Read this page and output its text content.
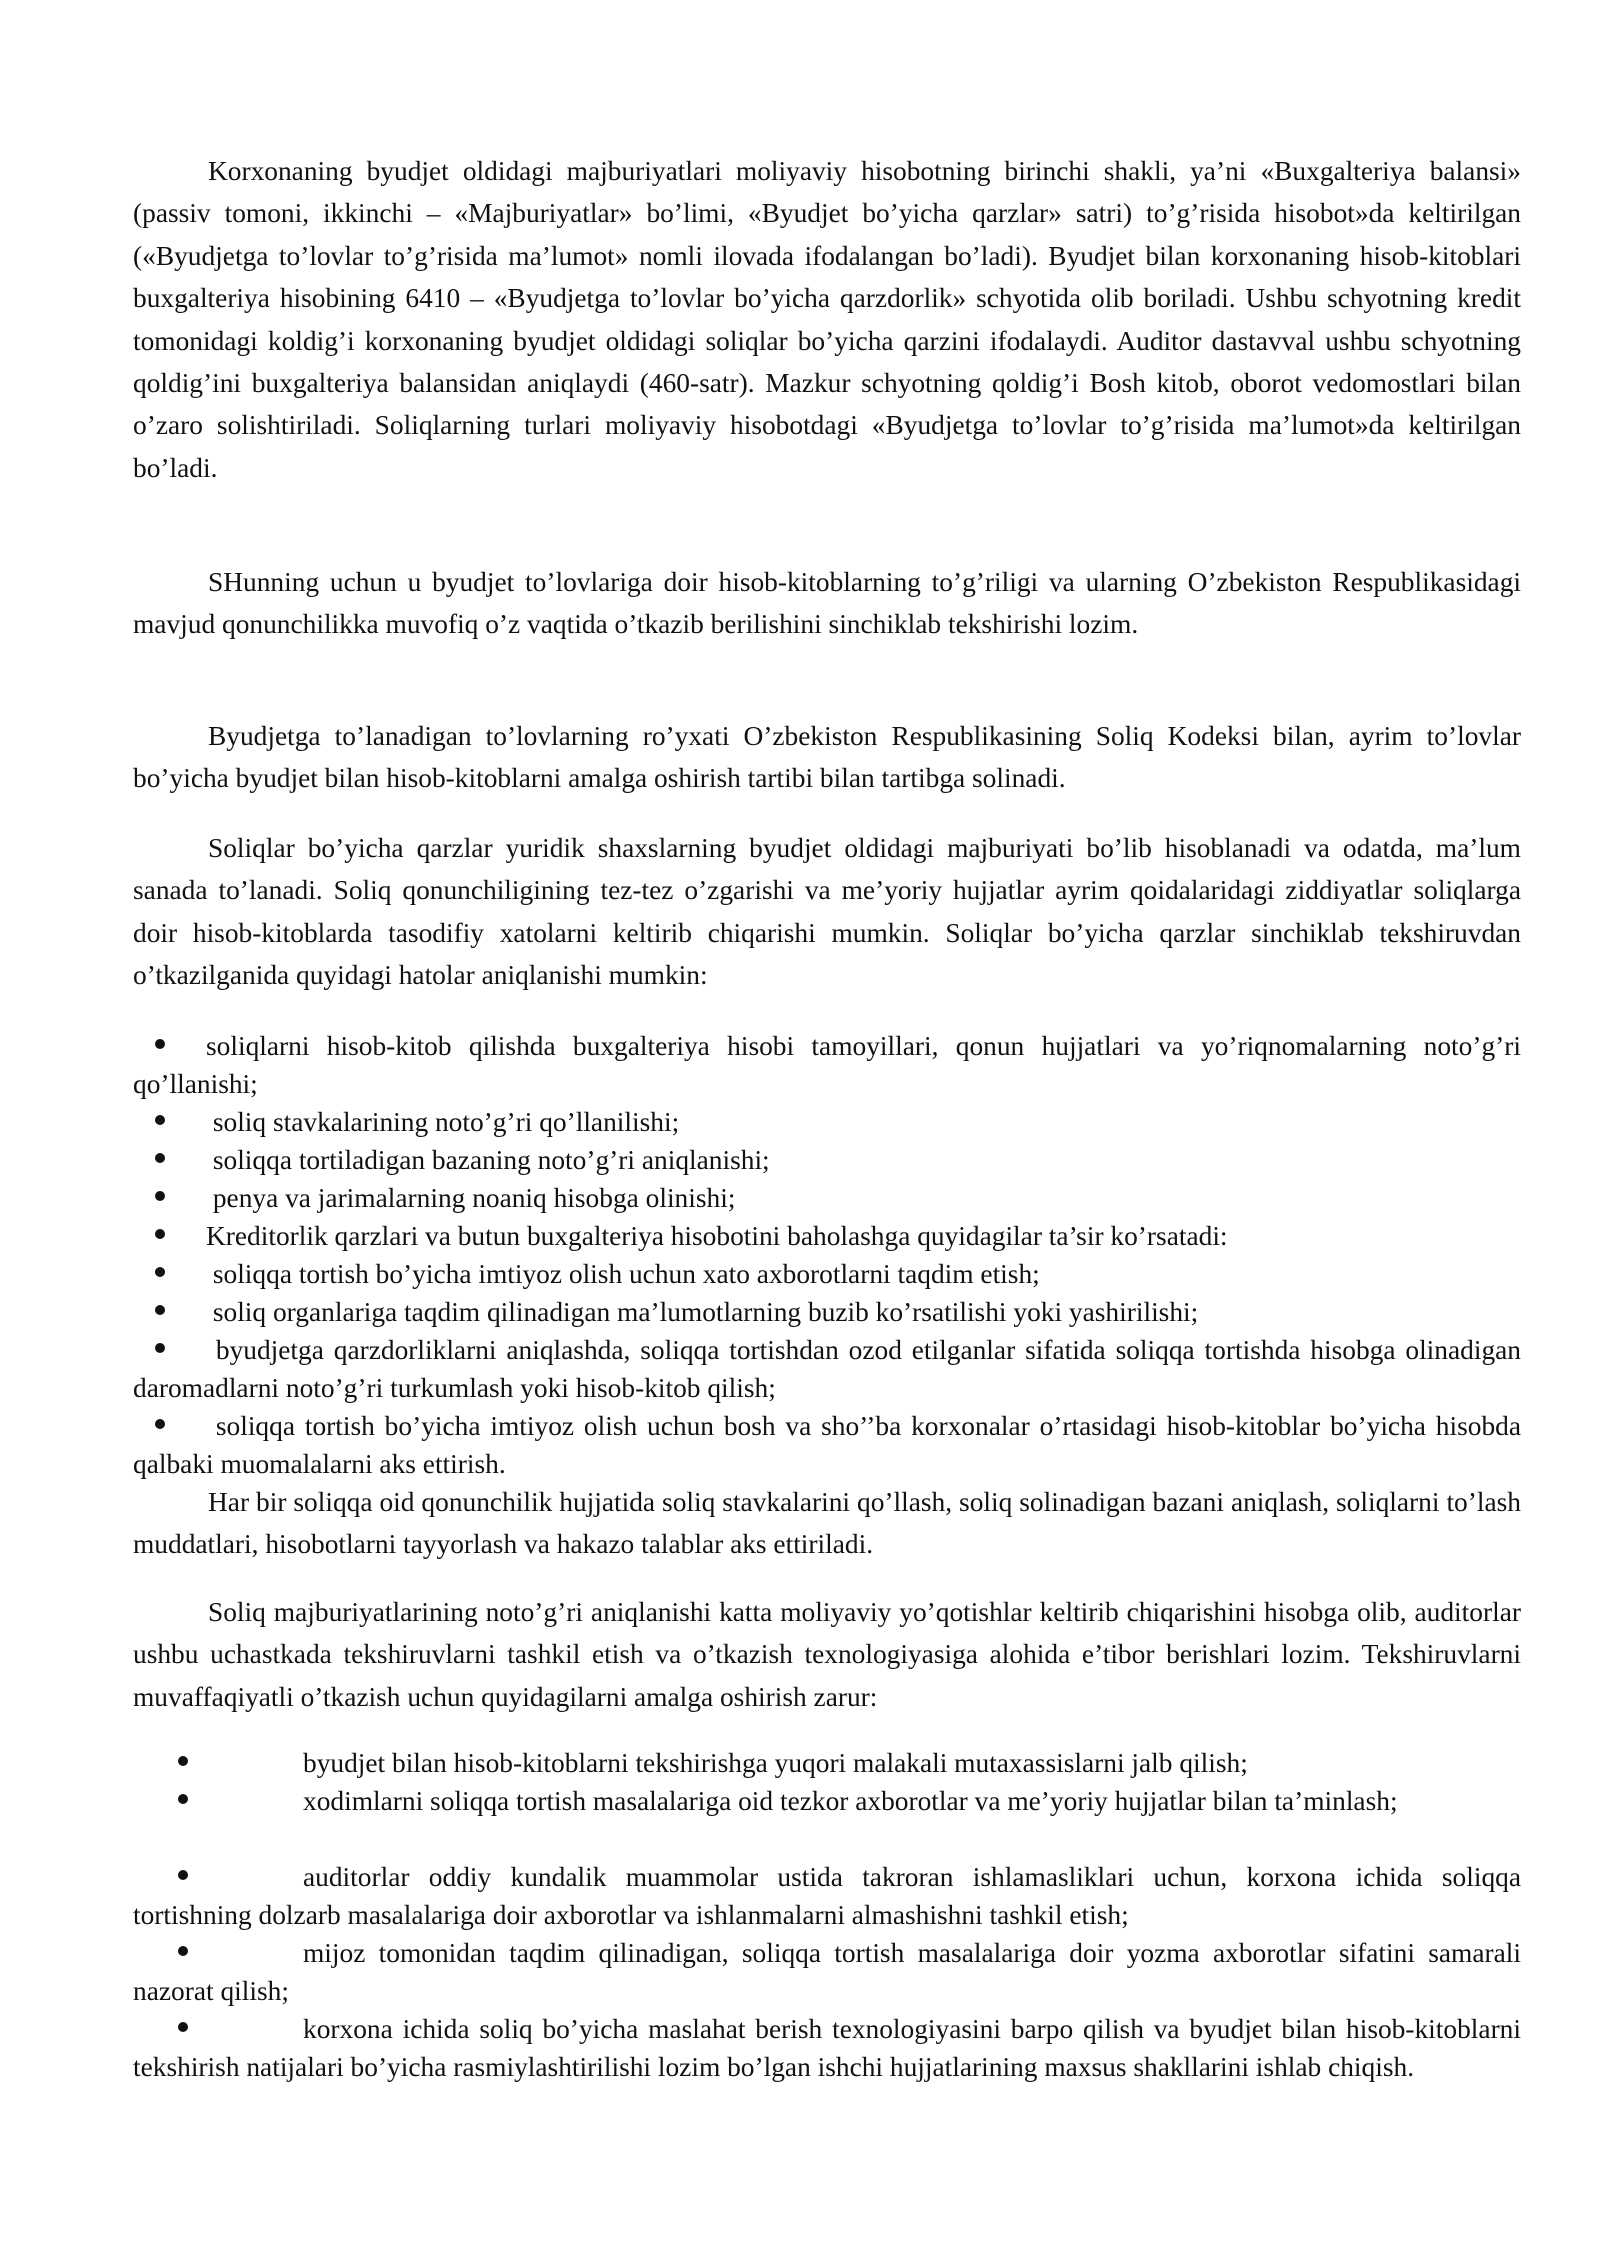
Korxonaning byudjet oldidagi majburiyatlari moliyaviy hisobotning birinchi shakli, ya’ni «Buxgalteriya balansi» (passiv tomoni, ikkinchi – «Majburiyatlar» bo’limi, «Byudjet bo’yicha qarzlar» satri) to’g’risida hisobot»da keltirilgan («Byudjetga to’lovlar to’g’risida ma’lumot» nomli ilovada ifodalangan bo’ladi). Byudjet bilan korxonaning hisob-kitoblari buxgalteriya hisobining 6410 – «Byudjetga to’lovlar bo’yicha qarzdorlik» schyotida olib boriladi. Ushbu schyotning kredit tomonidagi koldig’i korxonaning byudjet oldidagi soliqlar bo’yicha qarzini ifodalaydi. Auditor dastavval ushbu schyotning qoldig’ini buxgalteriya balansidan aniqlaydi (460-satr). Mazkur schyotning qoldig’i Bosh kitob, oborot vedomostlari bilan o’zaro solishtiriladi. Soliqlarning turlari moliyaviy hisobotdagi «Byudjetga to’lovlar to’g’risida ma’lumot»da keltirilgan bo’ladi.

SHunning uchun u byudjet to’lovlariga doir hisob-kitoblarning to’g’riligi va ularning O’zbekiston Respublikasidagi mavjud qonunchilikka muvofiq o’z vaqtida o’tkazib berilishini sinchiklab tekshirishi lozim.

Byudjetga to’lanadigan to’lovlarning ro’yxati O’zbekiston Respublikasining Soliq Kodeksi bilan, ayrim to’lovlar bo’yicha byudjet bilan hisob-kitoblarni amalga oshirish tartibi bilan tartibga solinadi.

Soliqlar bo’yicha qarzlar yuridik shaxslarning byudjet oldidagi majburiyati bo’lib hisoblanadi va odatda, ma’lum sanada to’lanadi. Soliq qonunchiligining tez-tez o’zgarishi va me’yoriy hujjatlar ayrim qoidalaridagi ziddiyatlar soliqlarga doir hisob-kitoblarda tasodifiy xatolarni keltirib chiqarishi mumkin. Soliqlar bo’yicha qarzlar sinchiklab tekshiruvdan o’tkazilganida quyidagi hatolar aniqlanishi mumkin:

soliqlarni hisob-kitob qilishda buxgalteriya hisobi tamoyillari, qonun hujjatlari va yo’riqnomalarning noto’g’ri qo’llanishi;

soliq stavkalarining noto’g’ri qo’llanilishi;

soliqqa tortiladigan bazaning noto’g’ri aniqlanishi;

penya va jarimalarning noaniq hisobga olinishi;

Kreditorlik qarzlari va butun buxgalteriya hisobotini baholashga quyidagilar ta’sir ko’rsatadi:

soliqqa tortish bo’yicha imtiyoz olish uchun xato axborotlarni taqdim etish;

soliq organlariga taqdim qilinadigan ma’lumotlarning buzib ko’rsatilishi yoki yashirilishi;

byudjetga qarzdorliklarni aniqlashda, soliqqa tortishdan ozod etilganlar sifatida soliqqa tortishda hisobga olinadigan daromadlarni noto’g’ri turkumlash yoki hisob-kitob qilish;

soliqqa tortish bo’yicha imtiyoz olish uchun bosh va sho’’ba korxonalar o’rtasidagi hisob-kitoblar bo’yicha hisobda qalbaki muomalalarni aks ettirish.

Har bir soliqqa oid qonunchilik hujjatida soliq stavkalarini qo’llash, soliq solinadigan bazani aniqlash, soliqlarni to’lash muddatlari, hisobotlarni tayyorlash va hakazo talablar aks ettiriladi.

Soliq majburiyatlarining noto’g’ri aniqlanishi katta moliyaviy yo’qotishlar keltirib chiqarishini hisobga olib, auditorlar ushbu uchastkada tekshiruvlarni tashkil etish va o’tkazish texnologiyasiga alohida e’tibor berishlari lozim. Tekshiruvlarni muvaffaqiyatli o’tkazish uchun quyidagilarni amalga oshirish zarur:

byudjet bilan hisob-kitoblarni tekshirishga yuqori malakali mutaxassislarni jalb qilish;

xodimlarni soliqqa tortish masalalariga oid tezkor axborotlar va me’yoriy hujjatlar bilan ta’minlash;

auditorlar oddiy kundalik muammolar ustida takroran ishlamasliklari uchun, korxona ichida soliqqa tortishning dolzarb masalalariga doir axborotlar va ishlanmalarni almashishni tashkil etish;

mijoz tomonidan taqdim qilinadigan, soliqqa tortish masalalariga doir yozma axborotlar sifatini samarali nazorat qilish;

korxona ichida soliq bo’yicha maslahat berish texnologiyasini barpo qilish va byudjet bilan hisob-kitoblarni tekshirish natijalari bo’yicha rasmiylashtirilishi lozim bo’lgan ishchi hujjatlarining maxsus shakllarini ishlab chiqish.
